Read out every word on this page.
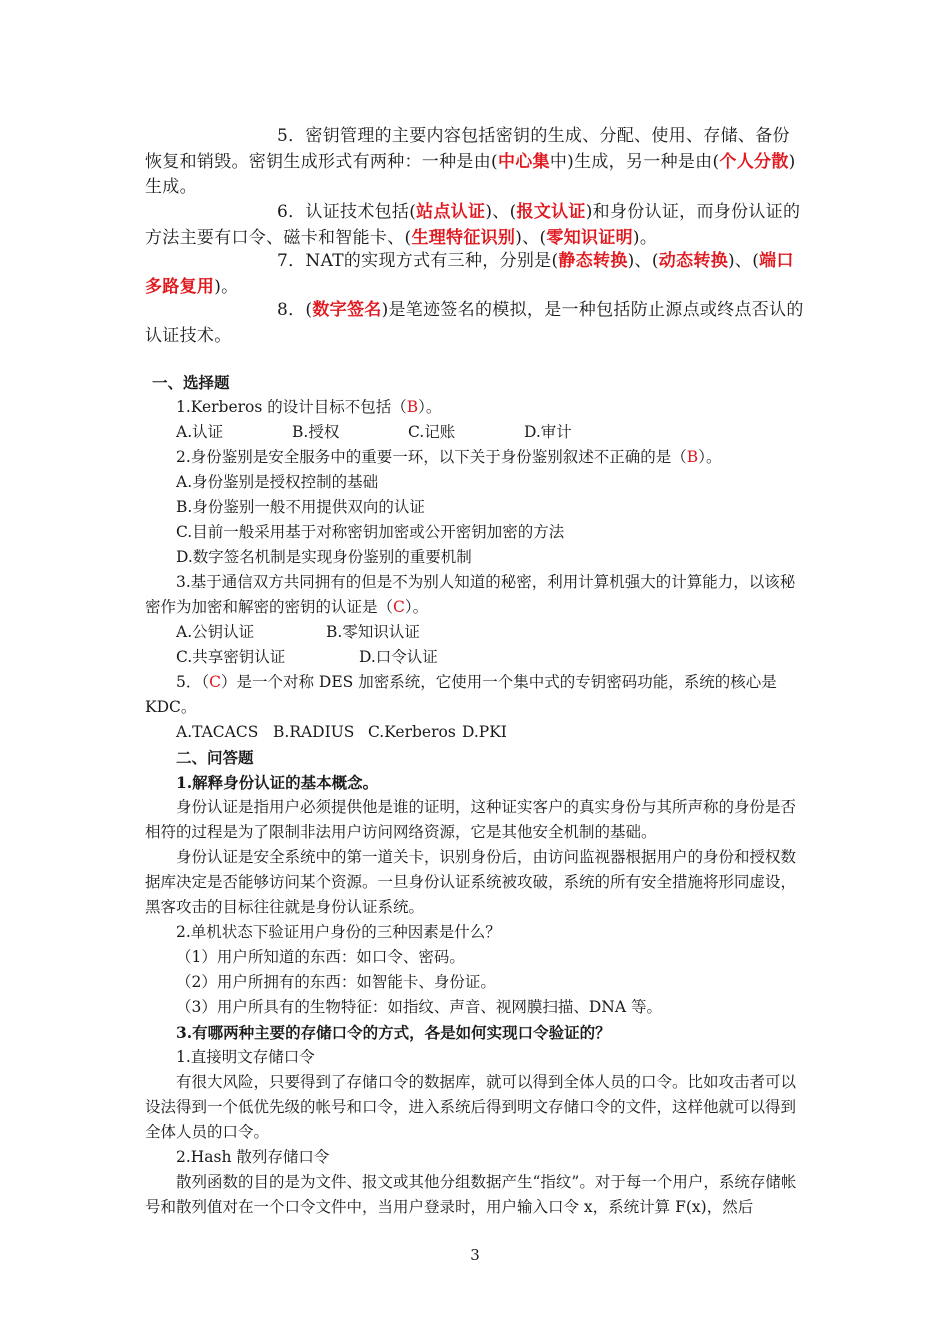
5．密钥管理的主要内容包括密钥的生成、分配、使用、存储、备份恢复和销毁。密钥生成形式有两种：一种是由(中心集中)生成，另一种是由(个人分散)生成。
6．认证技术包括(站点认证)、(报文认证)和身份认证，而身份认证的方法主要有口令、磁卡和智能卡、(生理特征识别)、(零知识证明)。
7．NAT的实现方式有三种，分别是(静态转换)、(动态转换)、(端口多路复用)。
8．(数字签名)是笔迹签名的模拟，是一种包括防止源点或终点否认的认证技术。
一、选择题
1.Kerberos 的设计目标不包括（B）。
A.认证	B.授权	C.记账	D.审计
2.身份鉴别是安全服务中的重要一环，以下关于身份鉴别叙述不正确的是（B）。
A.身份鉴别是授权控制的基础
B.身份鉴别一般不用提供双向的认证
C.目前一般采用基于对称密钥加密或公开密钥加密的方法
D.数字签名机制是实现身份鉴别的重要机制
3.基于通信双方共同拥有的但是不为别人知道的秘密，利用计算机强大的计算能力，以该秘密作为加密和解密的密钥的认证是（C）。
A.公钥认证	B.零知识认证
C.共享密钥认证	D.口令认证
5．（C）是一个对称 DES 加密系统，它使用一个集中式的专钥密码功能，系统的核心是 KDC。
A.TACACS B.RADIUS C.Kerberos D.PKI
二、问答题
1.解释身份认证的基本概念。
身份认证是指用户必须提供他是谁的证明，这种证实客户的真实身份与其所声称的身份是否相符的过程是为了限制非法用户访问网络资源，它是其他安全机制的基础。
身份认证是安全系统中的第一道关卡，识别身份后，由访问监视器根据用户的身份和授权数据库决定是否能够访问某个资源。一旦身份认证系统被攻破，系统的所有安全措施将形同虚设，黑客攻击的目标往往就是身份认证系统。
2.单机状态下验证用户身份的三种因素是什么？
（1）用户所知道的东西：如口令、密码。
（2）用户所拥有的东西：如智能卡、身份证。
（3）用户所具有的生物特征：如指纹、声音、视网膜扫描、DNA 等。
3.有哪两种主要的存储口令的方式，各是如何实现口令验证的？
1.直接明文存储口令
有很大风险，只要得到了存储口令的数据库，就可以得到全体人员的口令。比如攻击者可以设法得到一个低优先级的帐号和口令，进入系统后得到明文存储口令的文件，这样他就可以得到全体人员的口令。
2.Hash 散列存储口令
散列函数的目的是为文件、报文或其他分组数据产生“指纹”。对于每一个用户，系统存储帐号和散列值对在一个口令文件中，当用户登录时，用户输入口令 x，系统计算 F(x)，然后
3
